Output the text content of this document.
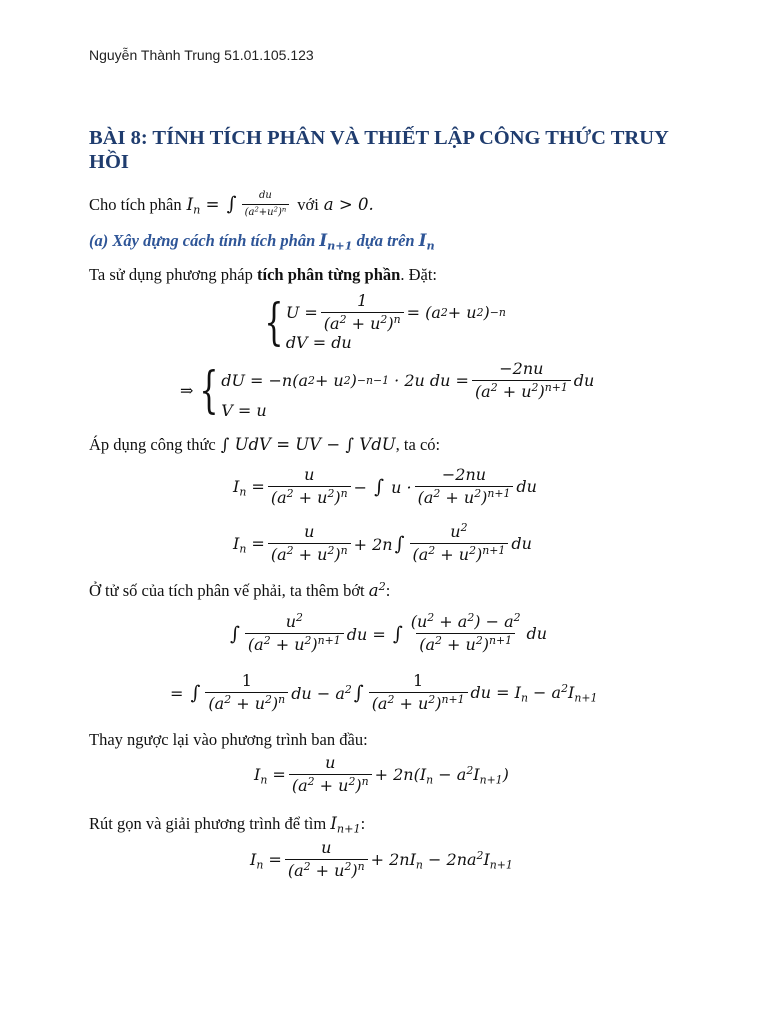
Nguyễn Thành Trung 51.01.105.123
BÀI 8: TÍNH TÍCH PHÂN VÀ THIẾT LẬP CÔNG THỨC TRUY HỒI
Cho tích phân $I_n$ = ∫ $\frac{du}{(a^2+u^2)^n}$ với a > 0.
(a) Xây dựng cách tính tích phân $I_{n+1}$ dựa trên $I_n$
Ta sử dụng phương pháp tích phân từng phần. Đặt:
{ $U = \frac{1}{(a^2 + u^2)^n}$ = ( a 2 + u 2 ) −n
dV = du
⇒ { dU = −n(a 2 + u 2 ) −n−1 · 2 u du = $\frac{-2nu}{(a^2 + u^2)^{n+1}}$ du
V = u
Áp dụng công thức ∫ UdV = UV − ∫ VdU , ta có:
$I_n = \frac{u}{(a^2 + u^2)^n}$ − ∫ $u \cdot \frac{-2nu}{(a^2 + u^2)^{n+1}}$ du
$I_n = \frac{u}{(a^2 + u^2)^n} + 2n$ ∫ $\frac{u^2}{(a^2 + u^2)^{n+1}}$ du
Ở tử số của tích phân vế phải, ta thêm bớt $a^2$:
∫ $\frac{u^2}{(a^2 + u^2)^{n+1}}$ du = ∫ $\frac{(u^2 + a^2) - a^2}{(a^2 + u^2)^{n+1}}$ du
= ∫ $\frac{1}{(a^2 + u^2)^n}$ du − $a^2$ ∫ $\frac{1}{(a^2 + u^2)^{n+1}}$ du = $I_n - a^2I_{n+1}$
Thay ngược lại vào phương trình ban đầu:
$I_n = \frac{u}{(a^2 + u^2)^n} + 2n(I_n - a^2I_{n+1})$
Rút gọn và giải phương trình để tìm $I_{n+1}$:
$I_n = \frac{u}{(a^2 + u^2)^n} + 2nI_n - 2na^2I_{n+1}$
